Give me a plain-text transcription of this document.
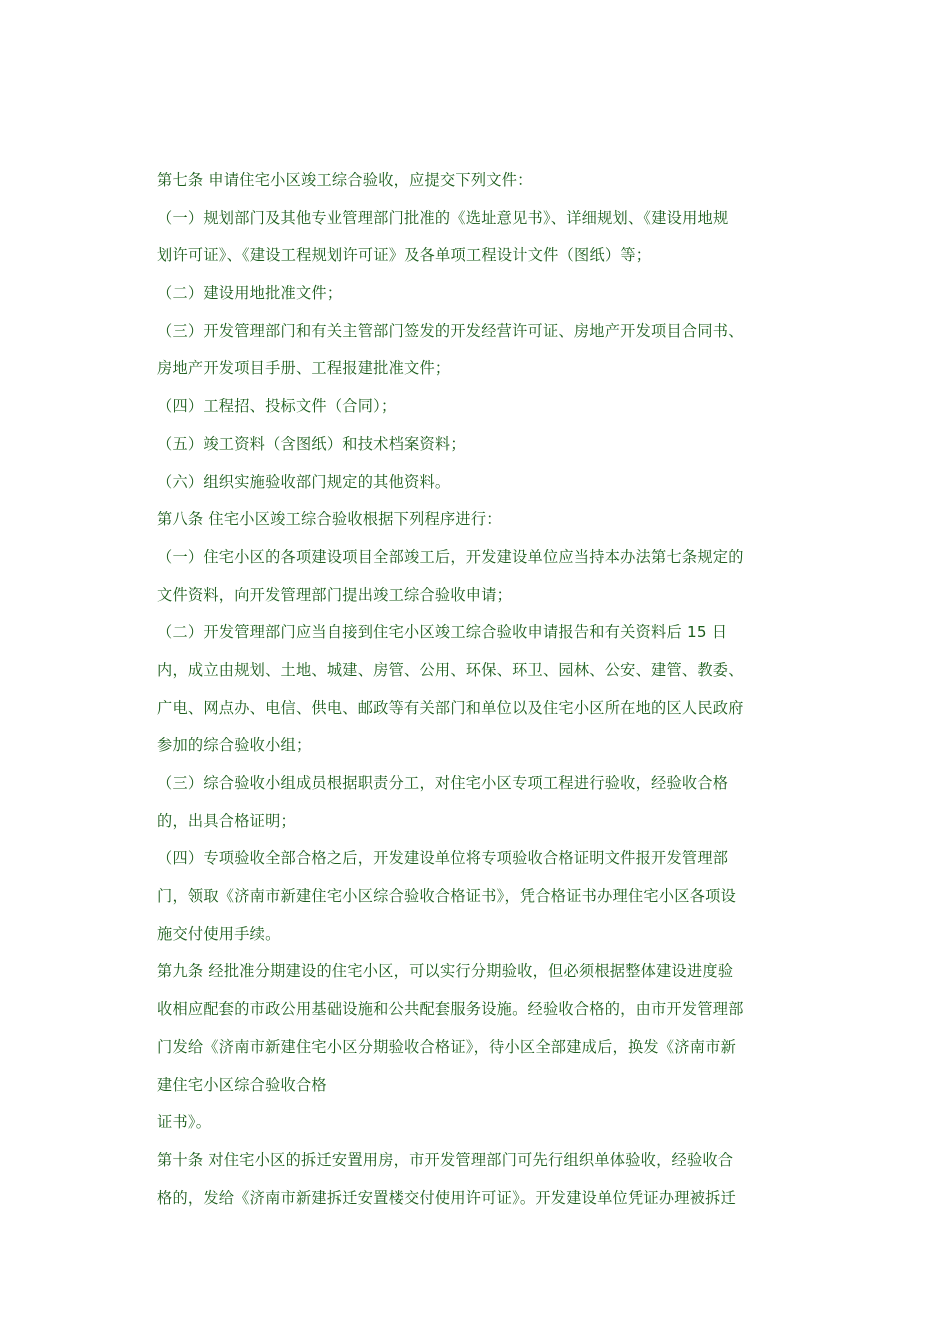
第七条 申请住宅小区竣工综合验收，应提交下列文件：
（一）规划部门及其他专业管理部门批准的《选址意见书》、详细规划、《建设用地规
划许可证》、《建设工程规划许可证》及各单项工程设计文件（图纸）等；
（二）建设用地批准文件；
（三）开发管理部门和有关主管部门签发的开发经营许可证、房地产开发项目合同书、
房地产开发项目手册、工程报建批准文件；
（四）工程招、投标文件（合同）；
（五）竣工资料（含图纸）和技术档案资料；
（六）组织实施验收部门规定的其他资料。
第八条 住宅小区竣工综合验收根据下列程序进行：
（一）住宅小区的各项建设项目全部竣工后，开发建设单位应当持本办法第七条规定的
文件资料，向开发管理部门提出竣工综合验收申请；
（二）开发管理部门应当自接到住宅小区竣工综合验收申请报告和有关资料后 15 日
内，成立由规划、土地、城建、房管、公用、环保、环卫、园林、公安、建管、教委、
广电、网点办、电信、供电、邮政等有关部门和单位以及住宅小区所在地的区人民政府
参加的综合验收小组；
（三）综合验收小组成员根据职责分工，对住宅小区专项工程进行验收，经验收合格
的，出具合格证明；
（四）专项验收全部合格之后，开发建设单位将专项验收合格证明文件报开发管理部
门，领取《济南市新建住宅小区综合验收合格证书》，凭合格证书办理住宅小区各项设
施交付使用手续。
第九条 经批准分期建设的住宅小区，可以实行分期验收，但必须根据整体建设进度验
收相应配套的市政公用基础设施和公共配套服务设施。经验收合格的，由市开发管理部
门发给《济南市新建住宅小区分期验收合格证》，待小区全部建成后，换发《济南市新
建住宅小区综合验收合格
证书》。
第十条 对住宅小区的拆迁安置用房，市开发管理部门可先行组织单体验收，经验收合
格的，发给《济南市新建拆迁安置楼交付使用许可证》。开发建设单位凭证办理被拆迁
